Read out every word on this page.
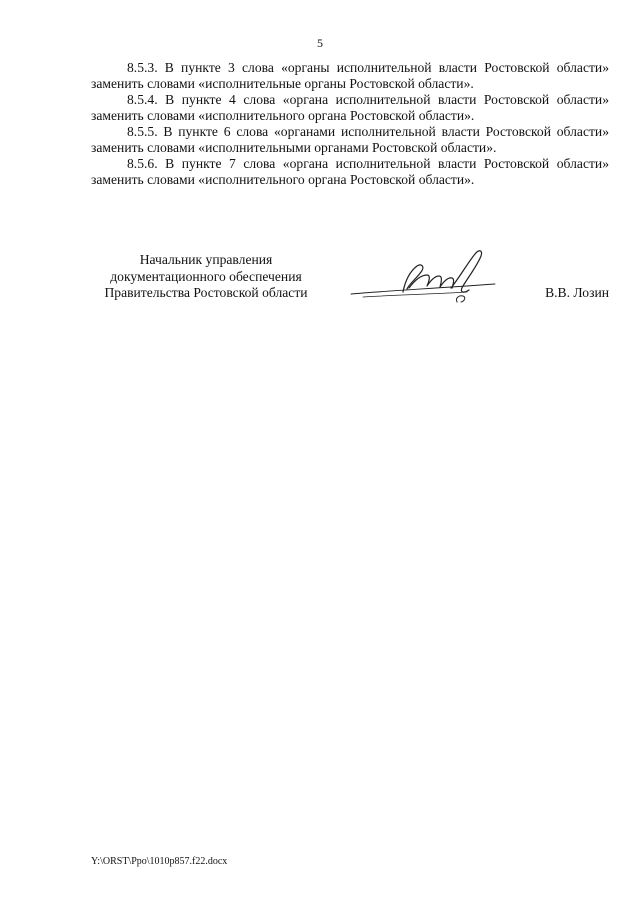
5

8.5.3. В пункте 3 слова «органы исполнительной власти Ростовской области» заменить словами «исполнительные органы Ростовской области».

8.5.4. В пункте 4 слова «органа исполнительной власти Ростовской области» заменить словами «исполнительного органа Ростовской области».

8.5.5. В пункте 6 слова «органами исполнительной власти Ростовской области» заменить словами «исполнительными органами Ростовской области».

8.5.6. В пункте 7 слова «органа исполнительной власти Ростовской области» заменить словами «исполнительного органа Ростовской области».

Начальник управления
документационного обеспечения
Правительства Ростовской области	В.В. Лозин
Y:\ORST\Ppo\1010p857.f22.docx
